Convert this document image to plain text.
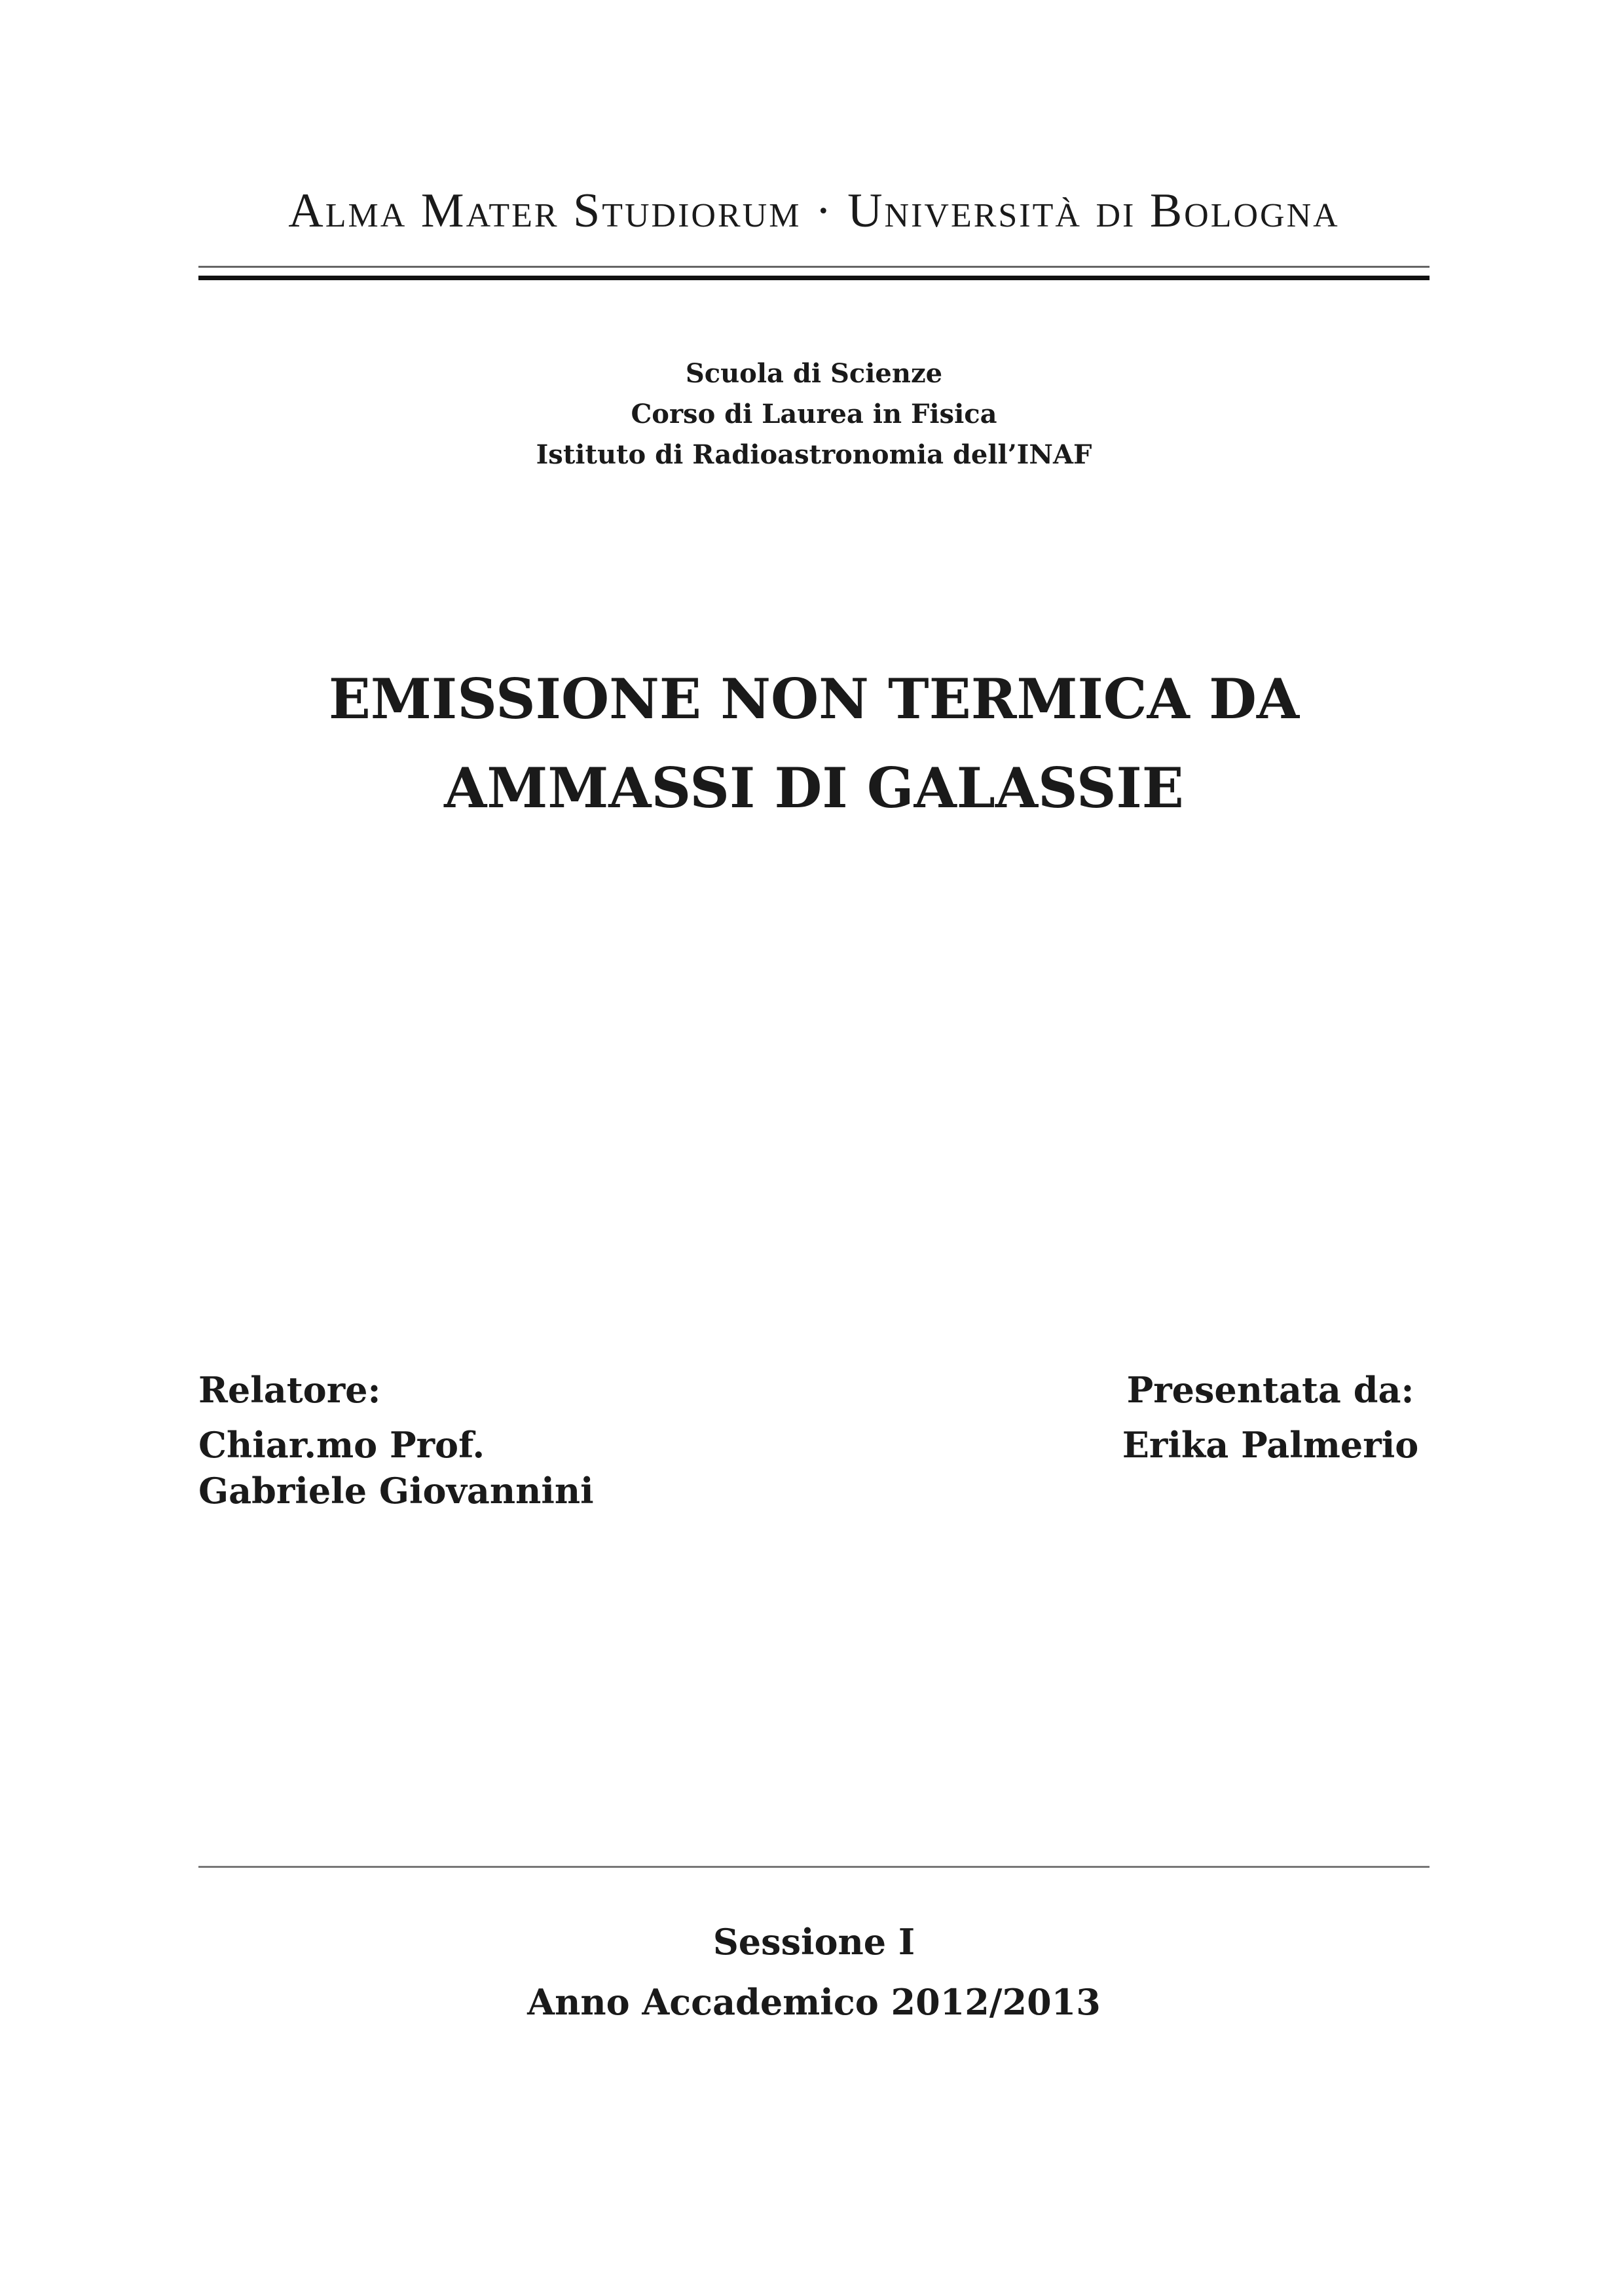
Alma Mater Studiorum · Università di Bologna
Scuola di Scienze
Corso di Laurea in Fisica
Istituto di Radioastronomia dell’INAF
EMISSIONE NON TERMICA DA
AMMASSI DI GALASSIE
Relatore:
Chiar.mo Prof.
Gabriele Giovannini
Presentata da:
Erika Palmerio
Sessione I
Anno Accademico 2012/2013
